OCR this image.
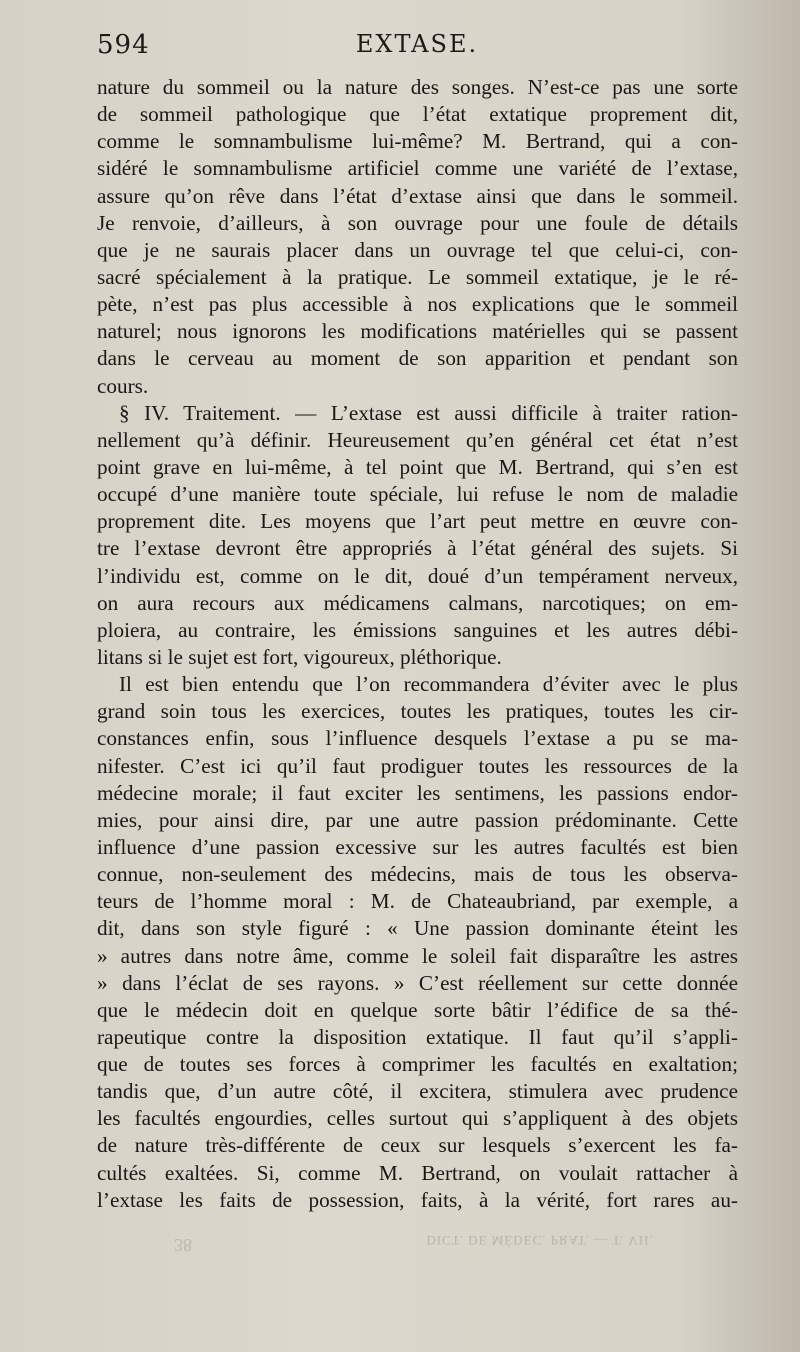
594	EXTASE.
nature du sommeil ou la nature des songes. N’est-ce pas une sorte
de sommeil pathologique que l’état extatique proprement dit,
comme le somnambulisme lui-même? M. Bertrand, qui a con-
sidéré le somnambulisme artificiel comme une variété de l’extase,
assure qu’on rêve dans l’état d’extase ainsi que dans le sommeil.
Je renvoie, d’ailleurs, à son ouvrage pour une foule de détails
que je ne saurais placer dans un ouvrage tel que celui-ci, con-
sacré spécialement à la pratique. Le sommeil extatique, je le ré-
pète, n’est pas plus accessible à nos explications que le sommeil
naturel; nous ignorons les modifications matérielles qui se passent
dans le cerveau au moment de son apparition et pendant son
cours.
§ IV. Traitement. — L’extase est aussi difficile à traiter ration-
nellement qu’à définir. Heureusement qu’en général cet état n’est
point grave en lui-même, à tel point que M. Bertrand, qui s’en est
occupé d’une manière toute spéciale, lui refuse le nom de maladie
proprement dite. Les moyens que l’art peut mettre en œuvre con-
tre l’extase devront être appropriés à l’état général des sujets. Si
l’individu est, comme on le dit, doué d’un tempérament nerveux,
on aura recours aux médicamens calmans, narcotiques; on em-
ploiera, au contraire, les émissions sanguines et les autres débi-
litans si le sujet est fort, vigoureux, pléthorique.
Il est bien entendu que l’on recommandera d’éviter avec le plus
grand soin tous les exercices, toutes les pratiques, toutes les cir-
constances enfin, sous l’influence desquels l’extase a pu se ma-
nifester. C’est ici qu’il faut prodiguer toutes les ressources de la
médecine morale; il faut exciter les sentimens, les passions endor-
mies, pour ainsi dire, par une autre passion prédominante. Cette
influence d’une passion excessive sur les autres facultés est bien
connue, non-seulement des médecins, mais de tous les observa-
teurs de l’homme moral : M. de Chateaubriand, par exemple, a
dit, dans son style figuré : « Une passion dominante éteint les
» autres dans notre âme, comme le soleil fait disparaître les astres
» dans l’éclat de ses rayons. » C’est réellement sur cette donnée
que le médecin doit en quelque sorte bâtir l’édifice de sa thé-
rapeutique contre la disposition extatique. Il faut qu’il s’appli-
que de toutes ses forces à comprimer les facultés en exaltation;
tandis que, d’un autre côté, il excitera, stimulera avec prudence
les facultés engourdies, celles surtout qui s’appliquent à des objets
de nature très-différente de ceux sur lesquels s’exercent les fa-
cultés exaltées. Si, comme M. Bertrand, on voulait rattacher à
l’extase les faits de possession, faits, à la vérité, fort rares au-
38	DICT. DE MÉDEC. PRAT. — T. VII.
